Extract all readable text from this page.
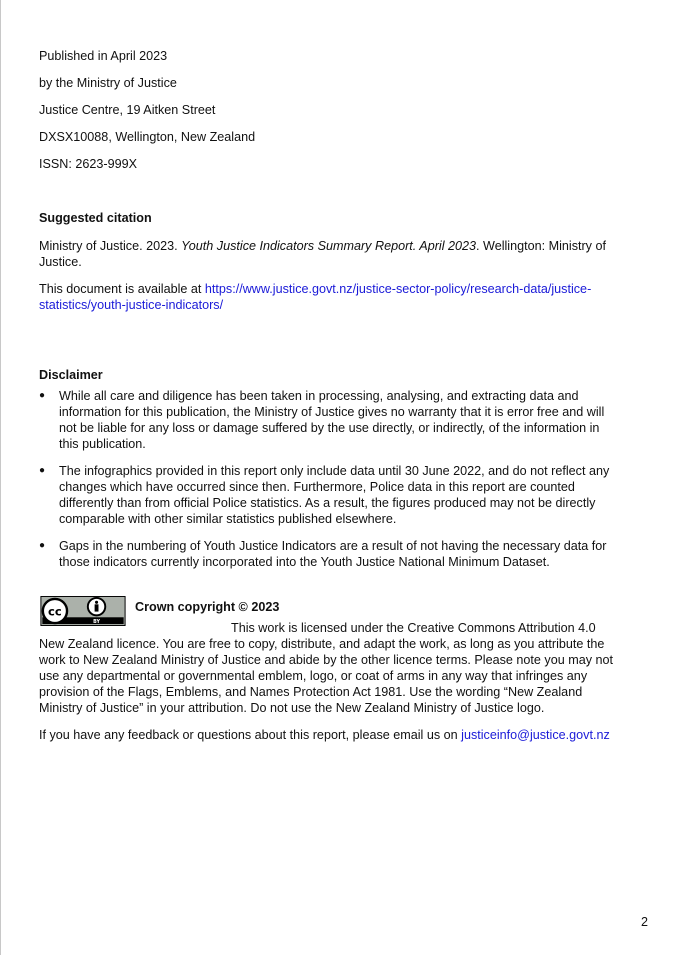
Published in April 2023

by the Ministry of Justice

Justice Centre, 19 Aitken Street

DXSX10088, Wellington, New Zealand

ISSN: 2623-999X

Suggested citation

Ministry of Justice. 2023. Youth Justice Indicators Summary Report. April 2023. Wellington: Ministry of Justice.

This document is available at https://www.justice.govt.nz/justice-sector-policy/research-data/justice-statistics/youth-justice-indicators/

Disclaimer

● While all care and diligence has been taken in processing, analysing, and extracting data and information for this publication, the Ministry of Justice gives no warranty that it is error free and will not be liable for any loss or damage suffered by the use directly, or indirectly, of the information in this publication.
● The infographics provided in this report only include data until 30 June 2022, and do not reflect any changes which have occurred since then. Furthermore, Police data in this report are counted differently than from official Police statistics. As a result, the figures produced may not be directly comparable with other similar statistics published elsewhere.
● Gaps in the numbering of Youth Justice Indicators are a result of not having the necessary data for those indicators currently incorporated into the Youth Justice National Minimum Dataset.
cc
BY

Crown copyright © 2023

This work is licensed under the Creative Commons Attribution 4.0 New Zealand licence. You are free to copy, distribute, and adapt the work, as long as you attribute the work to New Zealand Ministry of Justice and abide by the other licence terms. Please note you may not use any departmental or governmental emblem, logo, or coat of arms in any way that infringes any provision of the Flags, Emblems, and Names Protection Act 1981. Use the wording “New Zealand Ministry of Justice” in your attribution. Do not use the New Zealand Ministry of Justice logo.

If you have any feedback or questions about this report, please email us on justiceinfo@justice.govt.nz

2
